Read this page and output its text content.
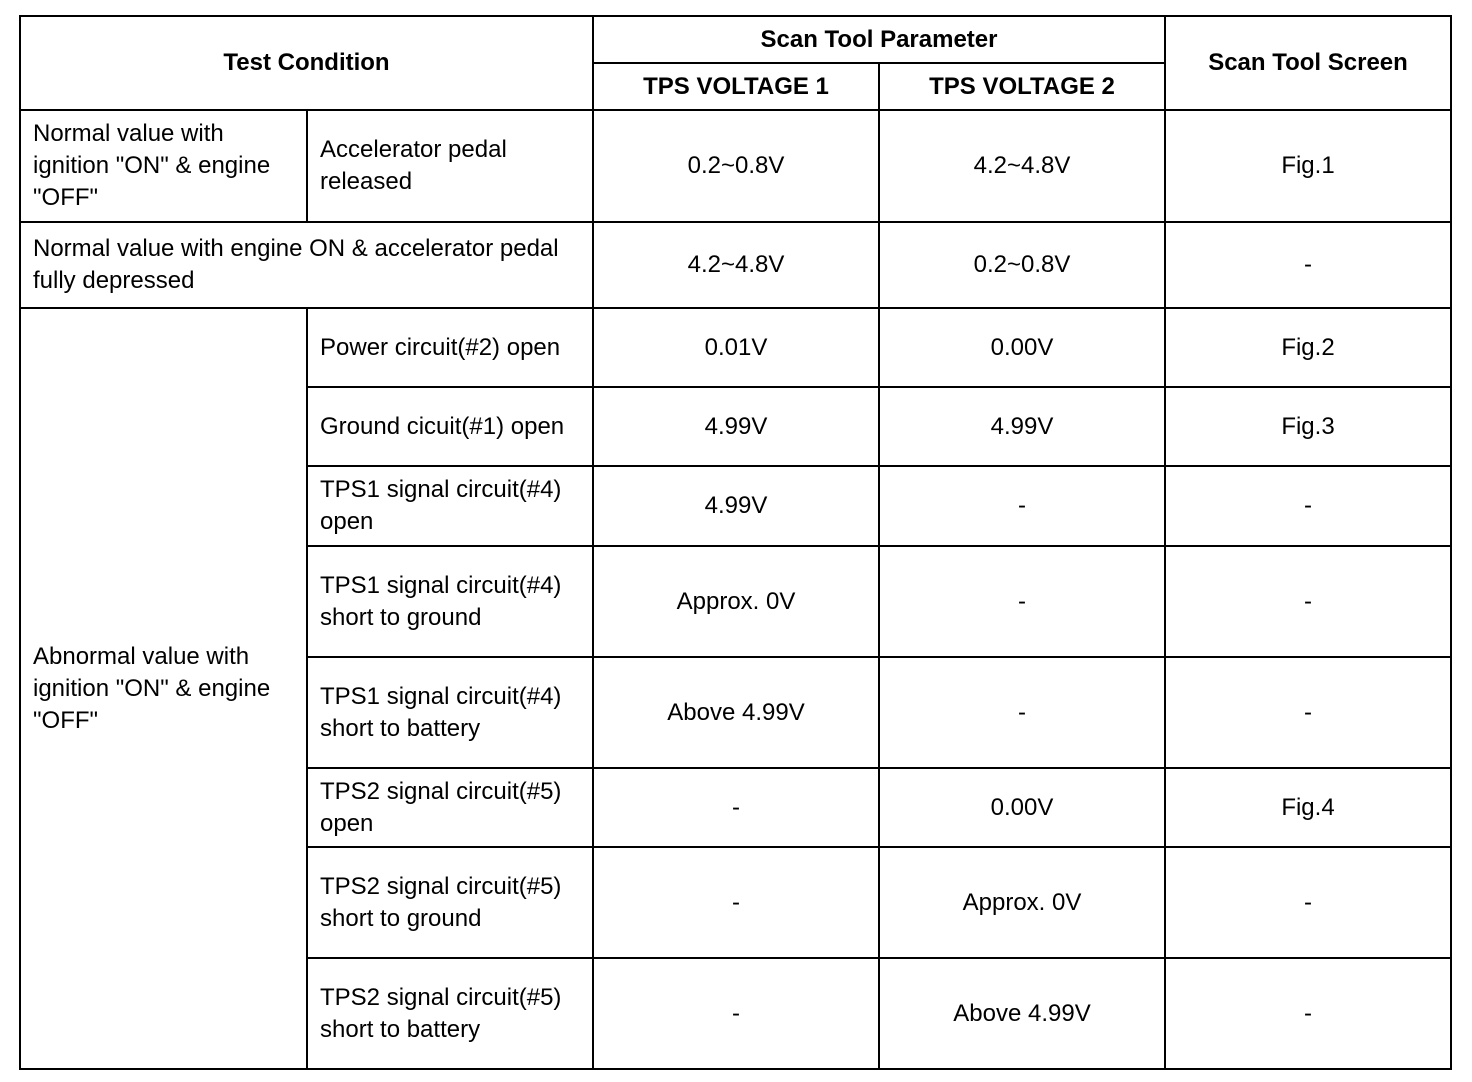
Test Condition		Scan Tool Parameter		Scan Tool Screen
		TPS VOLTAGE 1	TPS VOLTAGE 2	
Normal value with ignition "ON" & engine "OFF"	Accelerator pedal released	0.2~0.8V	4.2~4.8V	Fig.1
Normal value with engine ON & accelerator pedal fully depressed		4.2~4.8V	0.2~0.8V	-
Abnormal value with ignition "ON" & engine "OFF"	Power circuit(#2) open	0.01V	0.00V	Fig.2
	Ground cicuit(#1) open	4.99V	4.99V	Fig.3
	TPS1 signal circuit(#4) open	4.99V	-	-
	TPS1 signal circuit(#4) short to ground	Approx. 0V	-	-
	TPS1 signal circuit(#4) short to battery	Above 4.99V	-	-
	TPS2 signal circuit(#5) open	-	0.00V	Fig.4
	TPS2 signal circuit(#5) short to ground	-	Approx. 0V	-
	TPS2 signal circuit(#5) short to battery	-	Above 4.99V	-
